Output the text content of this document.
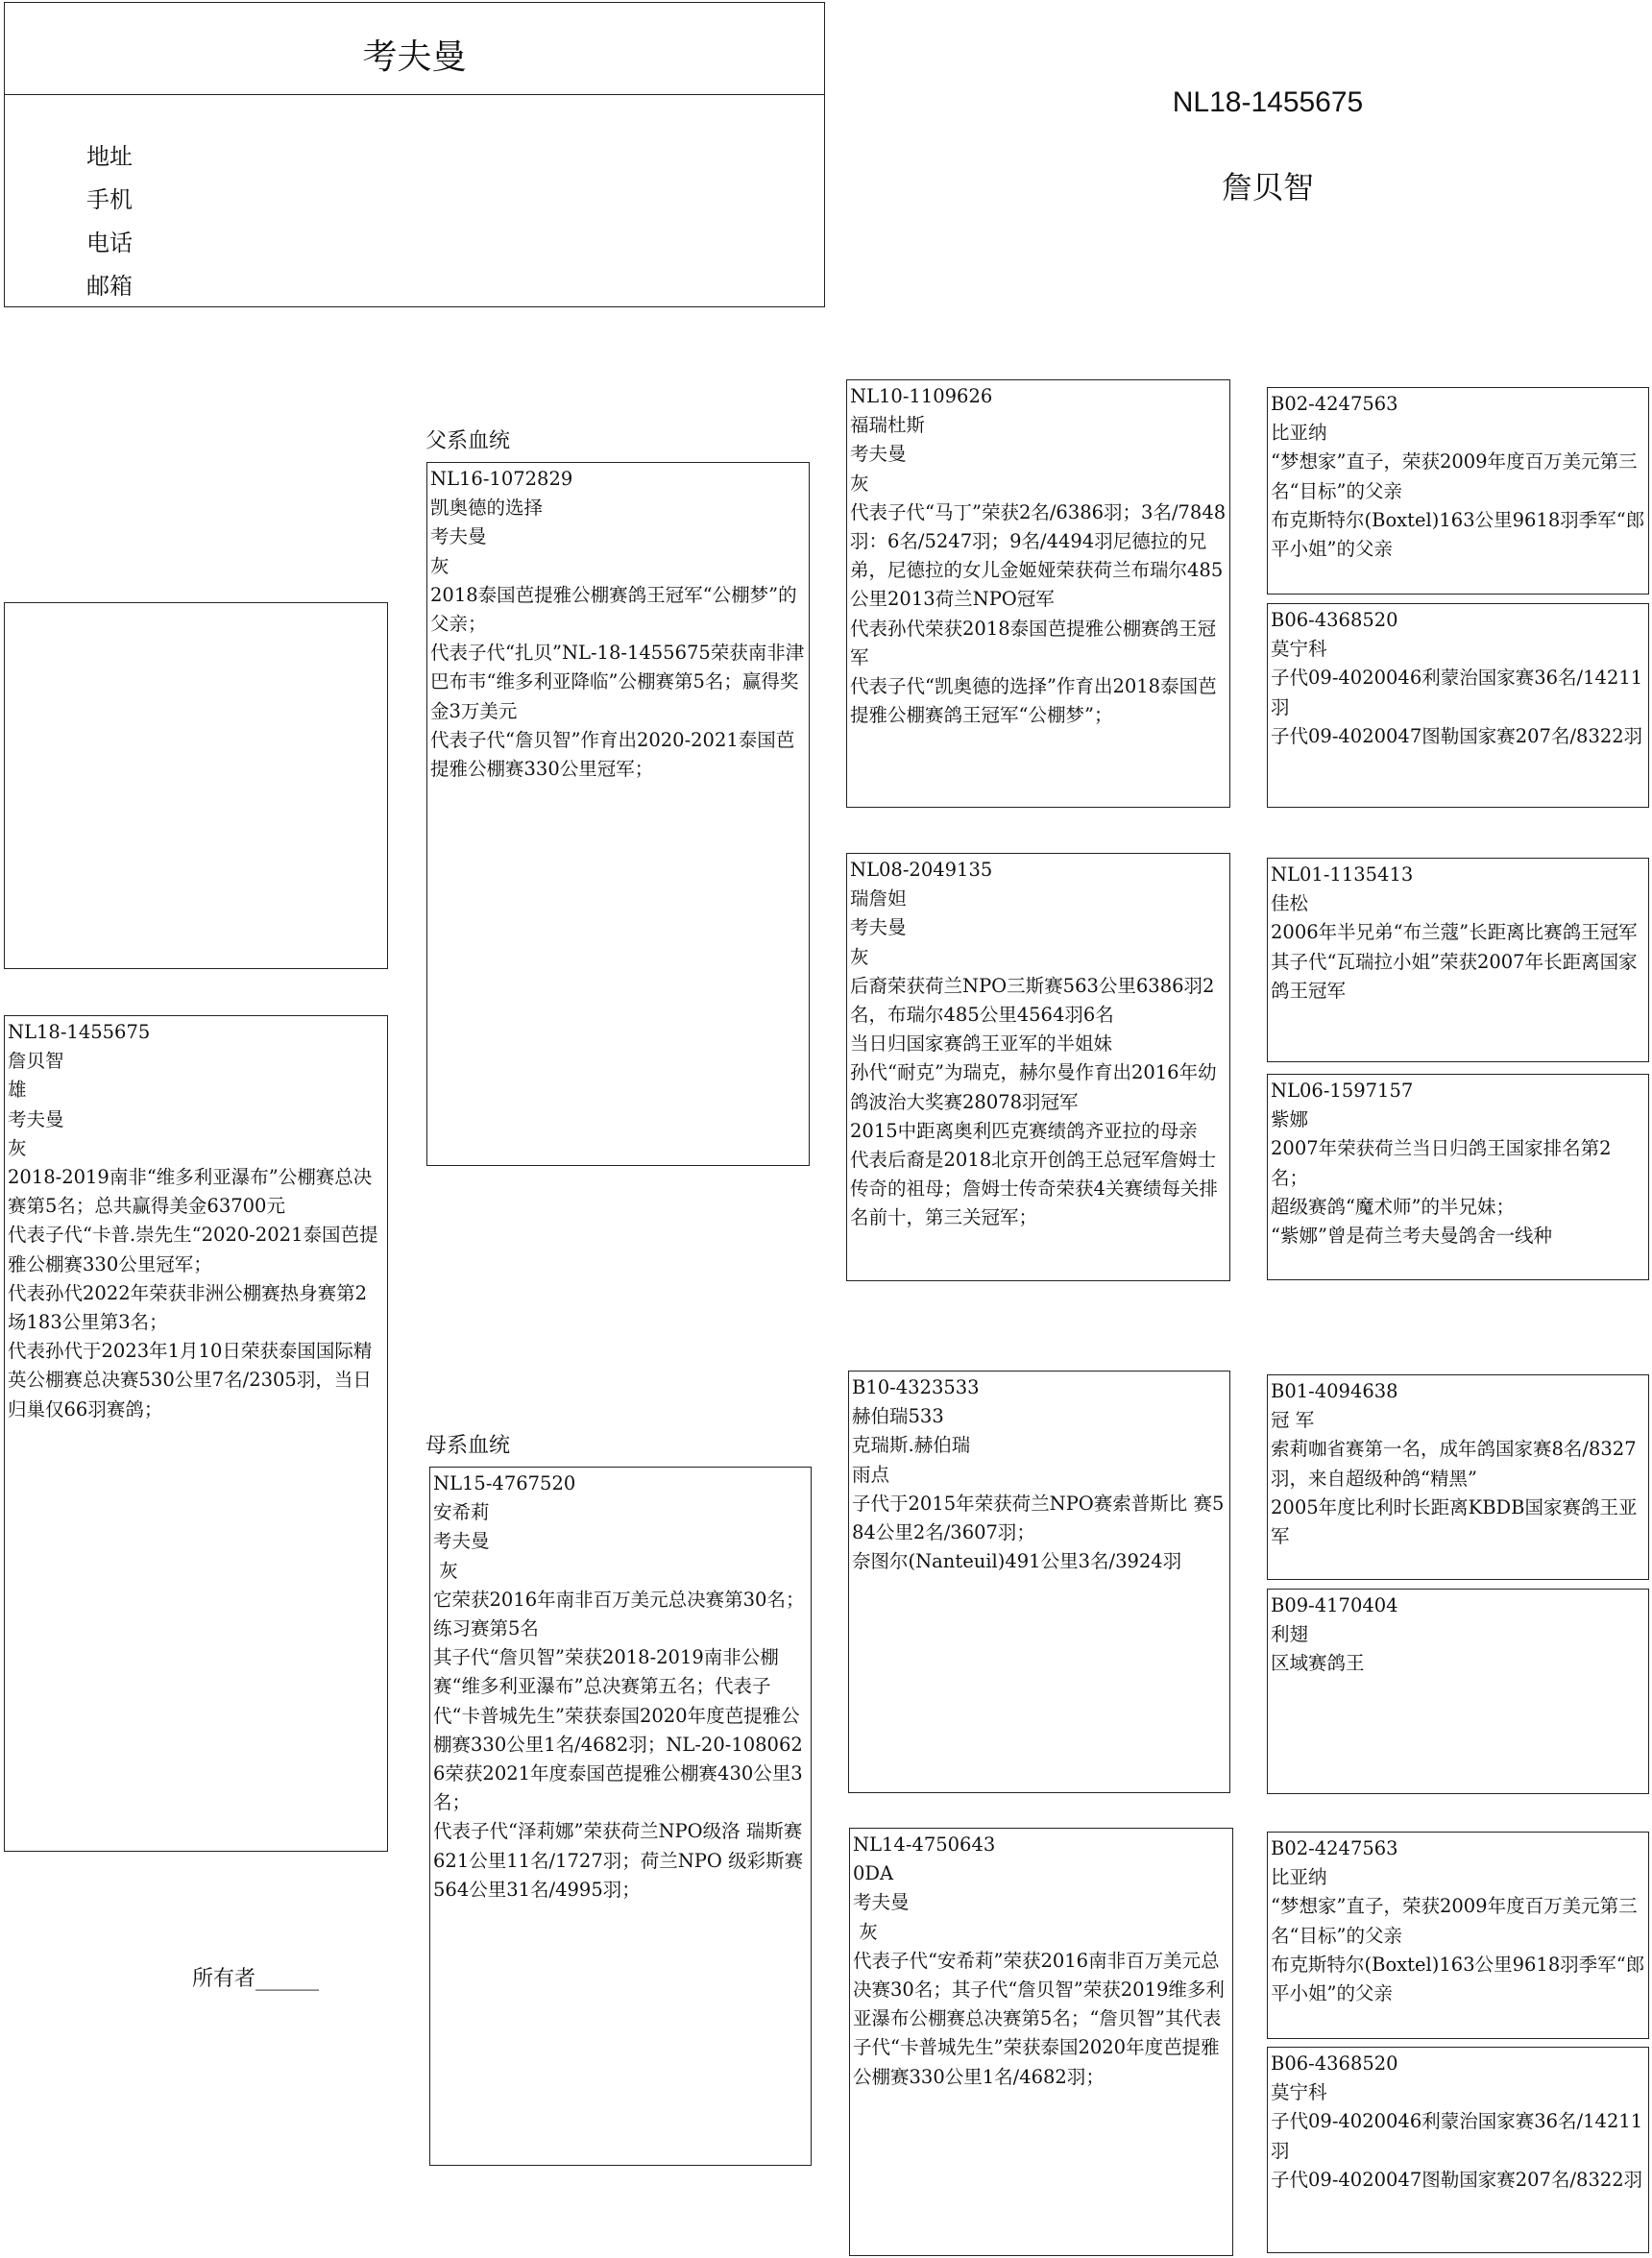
考夫曼
地址
手机
电话
邮箱
NL18-1455675
詹贝智
父系血统
母系血统
所有者______
NL18-1455675
詹贝智
雄
考夫曼
灰
2018-2019南非“维多利亚瀑布”公棚赛总决赛第5名；总共赢得美金63700元
代表子代“卡普.崇先生“2020-2021泰国芭提雅公棚赛330公里冠军；
代表孙代2022年荣获非洲公棚赛热身赛第2场183公里第3名；
代表孙代于2023年1月10日荣获泰国国际精英公棚赛总决赛530公里7名/2305羽，当日归巢仅66羽赛鸽；
NL16-1072829
凯奥德的选择
考夫曼
灰
2018泰国芭提雅公棚赛鸽王冠军“公棚梦”的父亲；
代表子代“扎贝”NL-18-1455675荣获南非津巴布韦“维多利亚降临”公棚赛第5名；赢得奖金3万美元
代表子代“詹贝智”作育出2020-2021泰国芭提雅公棚赛330公里冠军；
NL15-4767520
安希莉
考夫曼
灰
它荣获2016年南非百万美元总决赛第30名；练习赛第5名
其子代“詹贝智”荣获2018-2019南非公棚赛“维多利亚瀑布”总决赛第五名；代表子代“卡普城先生”荣获泰国2020年度芭提雅公棚赛330公里1名/4682羽；NL-20-1080626荣获2021年度泰国芭提雅公棚赛430公里3名；
代表子代“泽莉娜”荣获荷兰NPO级洛 瑞斯赛621公里11名/1727羽；荷兰NPO 级彩斯赛564公里31名/4995羽；
NL10-1109626
福瑞杜斯
考夫曼
灰
代表子代“马丁”荣获2名/6386羽；3名/7848羽：6名/5247羽；9名/4494羽尼德拉的兄弟，尼德拉的女儿金姬娅荣获荷兰布瑞尔485公里2013荷兰NPO冠军
代表孙代荣获2018泰国芭提雅公棚赛鸽王冠军
代表子代“凯奥德的选择”作育出2018泰国芭提雅公棚赛鸽王冠军“公棚梦”；
NL08-2049135
瑞詹妲
考夫曼
灰
后裔荣获荷兰NPO三斯赛563公里6386羽2名，布瑞尔485公里4564羽6名
当日归国家赛鸽王亚军的半姐妹
孙代“耐克”为瑞克，赫尔曼作育出2016年幼鸽波治大奖赛28078羽冠军
2015中距离奥利匹克赛绩鸽齐亚拉的母亲
代表后裔是2018北京开创鸽王总冠军詹姆士传奇的祖母；詹姆士传奇荣获4关赛绩每关排名前十，第三关冠军；
B10-4323533
赫伯瑞533
克瑞斯.赫伯瑞
雨点
子代于2015年荣获荷兰NPO赛索普斯比 赛584公里2名/3607羽；
奈图尔(Nanteuil)491公里3名/3924羽
NL14-4750643
0DA
考夫曼
灰
代表子代“安希莉”荣获2016南非百万美元总决赛30名；其子代“詹贝智”荣获2019维多利亚瀑布公棚赛总决赛第5名；“詹贝智”其代表子代“卡普城先生”荣获泰国2020年度芭提雅公棚赛330公里1名/4682羽；
B02-4247563
比亚纳
“梦想家”直子，荣获2009年度百万美元第三名“目标”的父亲
布克斯特尔(Boxtel)163公里9618羽季军“郎平小姐”的父亲
B06-4368520
莫宁科
子代09-4020046利蒙治国家赛36名/14211羽
子代09-4020047图勒国家赛207名/8322羽
NL01-1135413
佳松
2006年半兄弟“布兰蔻”长距离比赛鸽王冠军
其子代“瓦瑞拉小姐”荣获2007年长距离国家鸽王冠军
NL06-1597157
紫娜
2007年荣获荷兰当日归鸽王国家排名第2名；
超级赛鸽“魔术师”的半兄妹；
“紫娜”曾是荷兰考夫曼鸽舍一线种
B01-4094638
冠 军
索莉咖省赛第一名，成年鸽国家赛8名/8327羽，来自超级种鸽“精黑”
2005年度比利时长距离KBDB国家赛鸽王亚军
B09-4170404
利翅
区域赛鸽王
B02-4247563
比亚纳
“梦想家”直子，荣获2009年度百万美元第三名“目标”的父亲
布克斯特尔(Boxtel)163公里9618羽季军“郎平小姐”的父亲
B06-4368520
莫宁科
子代09-4020046利蒙治国家赛36名/14211羽
子代09-4020047图勒国家赛207名/8322羽
